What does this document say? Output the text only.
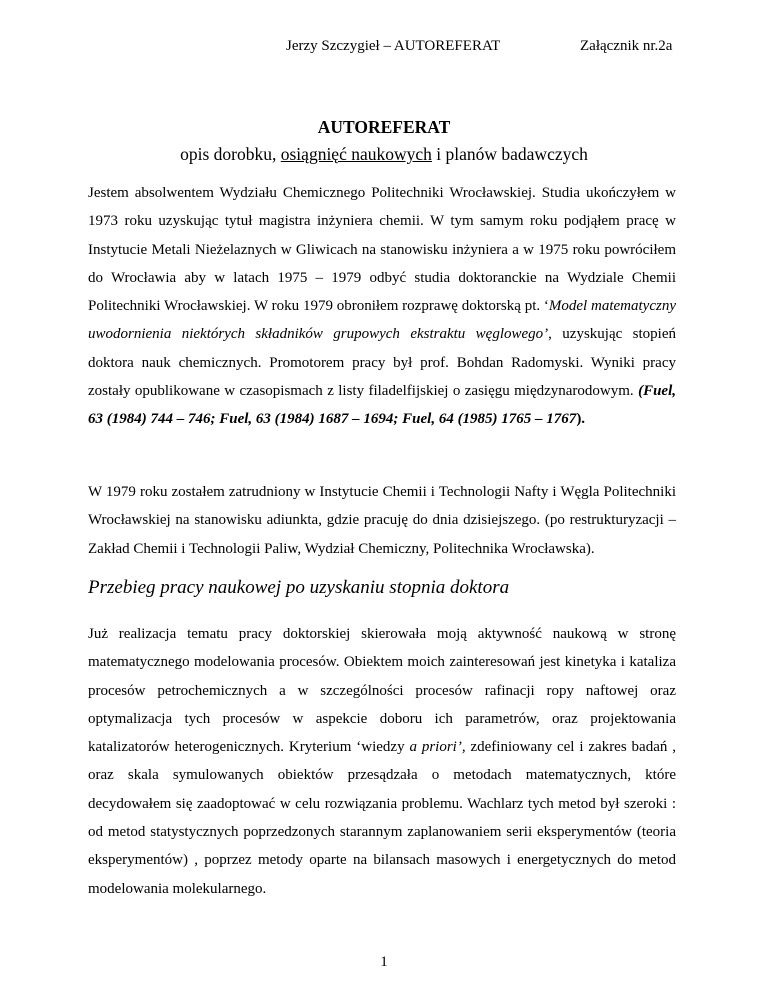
Jerzy Szczygieł – AUTOREFERAT	Załącznik nr.2a
AUTOREFERAT
opis dorobku, osiągnięć naukowych i planów badawczych

Jestem absolwentem Wydziału Chemicznego Politechniki Wrocławskiej. Studia ukończyłem w 1973 roku uzyskując tytuł magistra inżyniera chemii. W tym samym roku podjąłem pracę w Instytucie Metali Nieżelaznych w Gliwicach na stanowisku inżyniera a w 1975 roku powróciłem do Wrocławia aby w latach 1975 – 1979 odbyć studia doktoranckie na Wydziale Chemii Politechniki Wrocławskiej. W roku 1979 obroniłem rozprawę doktorską pt. ‘Model matematyczny uwodornienia niektórych składników grupowych ekstraktu węglowego’, uzyskując stopień doktora nauk chemicznych. Promotorem pracy był prof. Bohdan Radomyski. Wyniki pracy zostały opublikowane w czasopismach z listy filadelfijskiej o zasięgu międzynarodowym. (Fuel, 63 (1984) 744 – 746; Fuel, 63 (1984) 1687 – 1694; Fuel, 64 (1985) 1765 – 1767).

W 1979 roku zostałem zatrudniony w Instytucie Chemii i Technologii Nafty i Węgla Politechniki Wrocławskiej na stanowisku adiunkta, gdzie pracuję do dnia dzisiejszego. (po restrukturyzacji – Zakład Chemii i Technologii Paliw, Wydział Chemiczny, Politechnika Wrocławska).

Przebieg pracy naukowej po uzyskaniu stopnia doktora

Już realizacja tematu pracy doktorskiej skierowała moją aktywność naukową w stronę matematycznego modelowania procesów. Obiektem moich zainteresowań jest kinetyka i kataliza procesów petrochemicznych a w szczególności procesów rafinacji ropy naftowej oraz optymalizacja tych procesów w aspekcie doboru ich parametrów, oraz projektowania katalizatorów heterogenicznych. Kryterium ‘wiedzy a priori’, zdefiniowany cel i zakres badań , oraz skala symulowanych obiektów przesądzała o metodach matematycznych, które decydowałem się zaadoptować w celu rozwiązania problemu. Wachlarz tych metod był szeroki : od metod statystycznych poprzedzonych starannym zaplanowaniem serii eksperymentów (teoria eksperymentów) , poprzez metody oparte na bilansach masowych i energetycznych do metod modelowania molekularnego.

1
